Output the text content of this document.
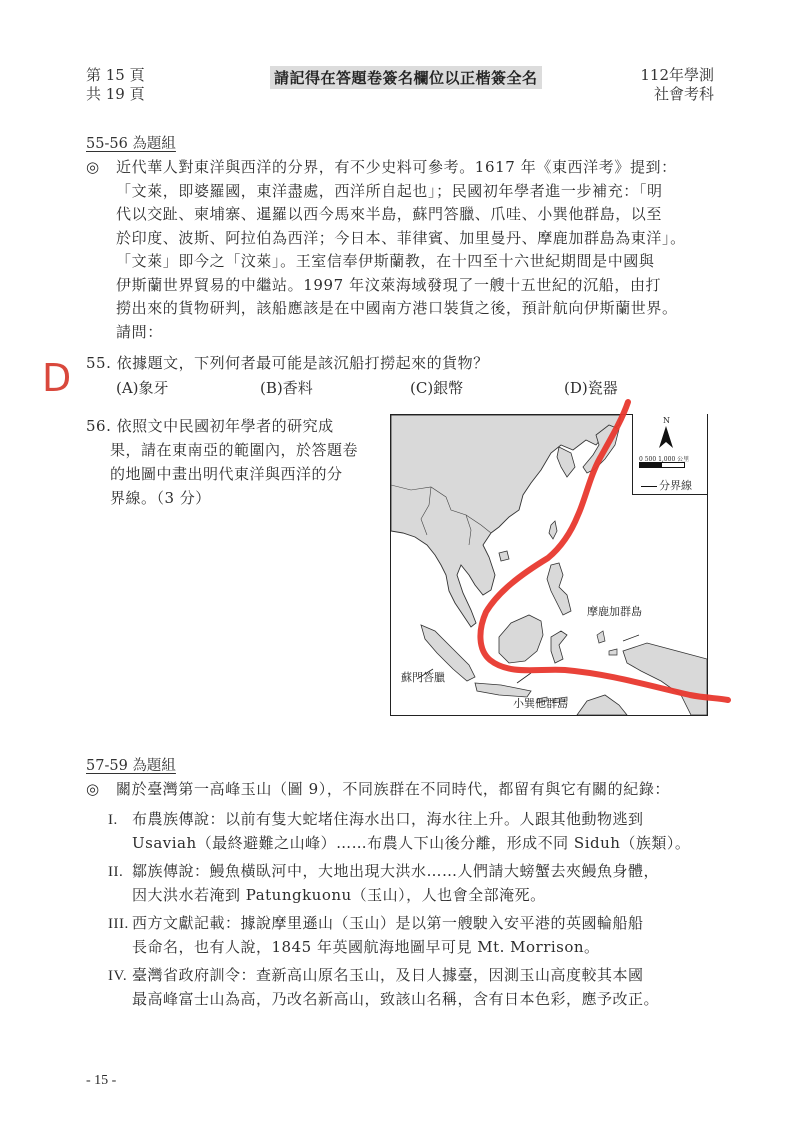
第 15 頁
共 19 頁
請記得在答題卷簽名欄位以正楷簽全名	112年學測
社會考科
55-56 為題組
◎ 近代華人對東洋與西洋的分界，有不少史料可參考。1617 年《東西洋考》提到：
「文萊，即婆羅國，東洋盡處，西洋所自起也」；民國初年學者進一步補充：「明
代以交趾、柬埔寨、暹羅以西今馬來半島，蘇門答臘、爪哇、小巽他群島，以至
於印度、波斯、阿拉伯為西洋；今日本、菲律賓、加里曼丹、摩鹿加群島為東洋」。
「文萊」即今之「汶萊」。王室信奉伊斯蘭教，在十四至十六世紀期間是中國與
伊斯蘭世界貿易的中繼站。1997 年汶萊海域發現了一艘十五世紀的沉船，由打
撈出來的貨物研判，該船應該是在中國南方港口裝貨之後，預計航向伊斯蘭世界。
請問：
D 55. 依據題文，下列何者最可能是該沉船打撈起來的貨物？
(A)象牙	(B)香料	(C)銀幣	(D)瓷器
56. 依照文中民國初年學者的研究成
果，請在東南亞的範圍內，於答題卷
的地圖中畫出明代東洋與西洋的分
界線。（3 分）
摩鹿加群島
蘇門答臘
小巽他群島
N
0 500 1,000 公里
分界線
57-59 為題組
◎ 關於臺灣第一高峰玉山（圖 9），不同族群在不同時代，都留有與它有關的紀錄：
I. 布農族傳說：以前有隻大蛇堵住海水出口，海水往上升。人跟其他動物逃到
Usaviah（最終避難之山峰）……布農人下山後分離，形成不同 Siduh（族類）。
II. 鄒族傳說：鰻魚橫臥河中，大地出現大洪水……人們請大螃蟹去夾鰻魚身體，
因大洪水若淹到 Patungkuonu（玉山），人也會全部淹死。
III. 西方文獻記載：據說摩里遜山（玉山）是以第一艘駛入安平港的英國輪船船
長命名，也有人說，1845 年英國航海地圖早可見 Mt. Morrison。
IV. 臺灣省政府訓令：查新高山原名玉山，及日人據臺，因測玉山高度較其本國
最高峰富士山為高，乃改名新高山，致該山名稱，含有日本色彩，應予改正。
- 15 -
